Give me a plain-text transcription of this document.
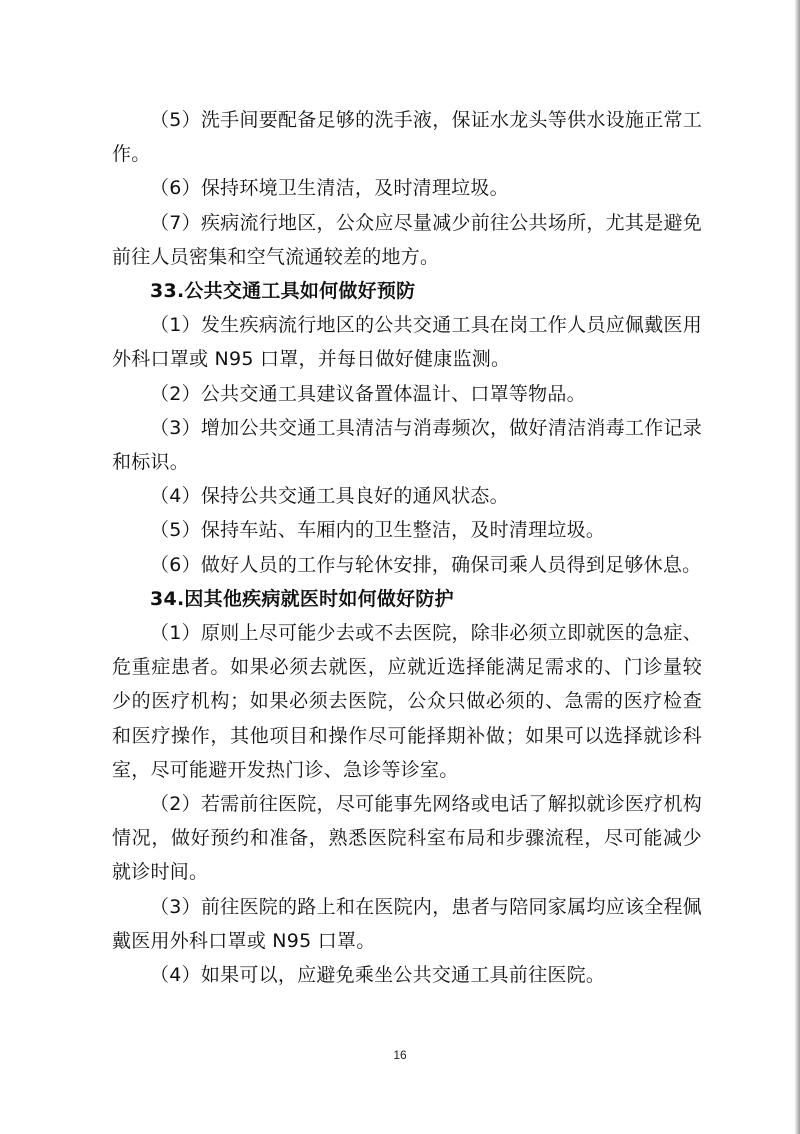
（5）洗手间要配备足够的洗手液，保证水龙头等供水设施正常工作。

（6）保持环境卫生清洁，及时清理垃圾。

（7）疾病流行地区，公众应尽量减少前往公共场所，尤其是避免前往人员密集和空气流通较差的地方。

33.公共交通工具如何做好预防

（1）发生疾病流行地区的公共交通工具在岗工作人员应佩戴医用外科口罩或 N95 口罩，并每日做好健康监测。

（2）公共交通工具建议备置体温计、口罩等物品。

（3）增加公共交通工具清洁与消毒频次，做好清洁消毒工作记录和标识。

（4）保持公共交通工具良好的通风状态。

（5）保持车站、车厢内的卫生整洁，及时清理垃圾。

（6）做好人员的工作与轮休安排，确保司乘人员得到足够休息。

34.因其他疾病就医时如何做好防护

（1）原则上尽可能少去或不去医院，除非必须立即就医的急症、危重症患者。如果必须去就医，应就近选择能满足需求的、门诊量较少的医疗机构；如果必须去医院，公众只做必须的、急需的医疗检查和医疗操作，其他项目和操作尽可能择期补做；如果可以选择就诊科室，尽可能避开发热门诊、急诊等诊室。

（2）若需前往医院，尽可能事先网络或电话了解拟就诊医疗机构情况，做好预约和准备，熟悉医院科室布局和步骤流程，尽可能减少就诊时间。

（3）前往医院的路上和在医院内，患者与陪同家属均应该全程佩戴医用外科口罩或 N95 口罩。

（4）如果可以，应避免乘坐公共交通工具前往医院。

16
